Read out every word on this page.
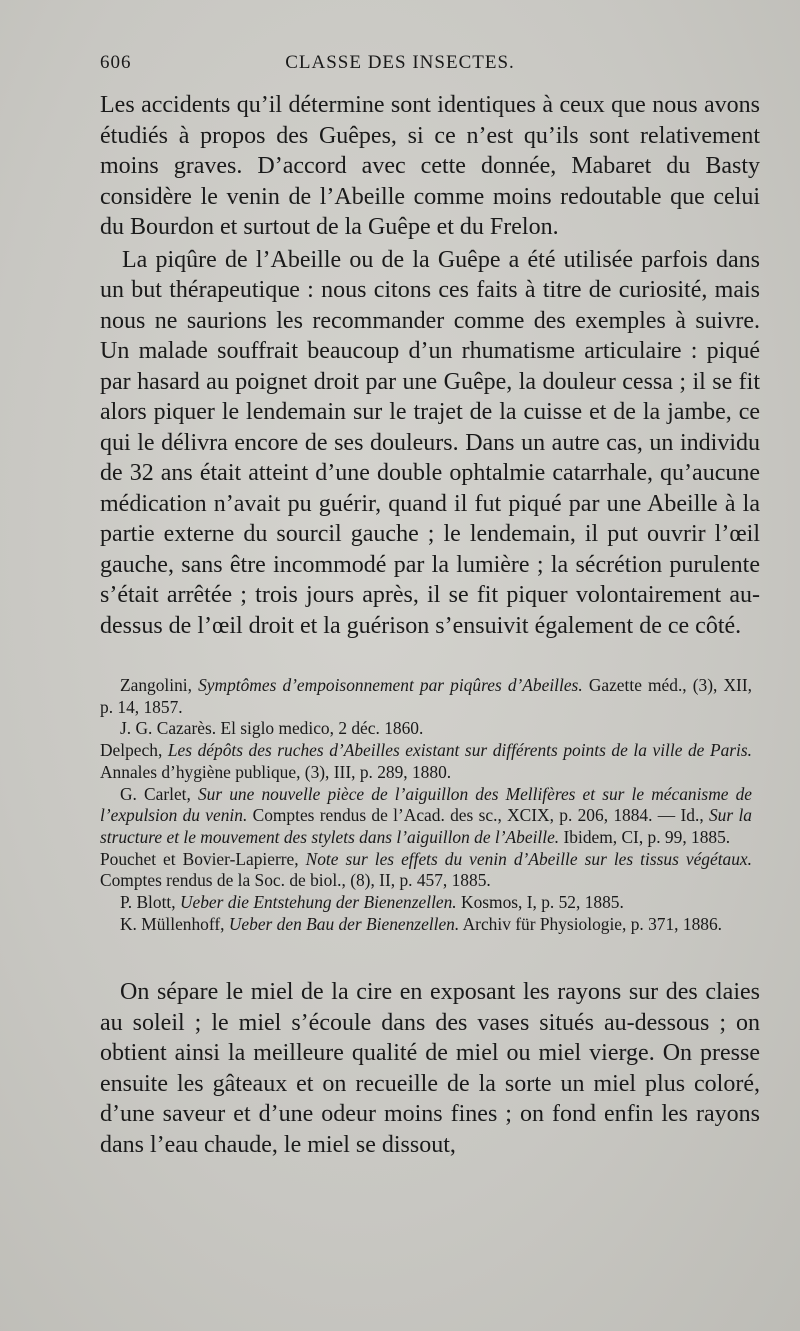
606	CLASSE DES INSECTES.

Les accidents qu’il détermine sont identiques à ceux que nous avons étudiés à propos des Guêpes, si ce n’est qu’ils sont relativement moins graves. D’accord avec cette donnée, Mabaret du Basty considère le venin de l’Abeille comme moins redoutable que celui du Bourdon et surtout de la Guêpe et du Frelon.

La piqûre de l’Abeille ou de la Guêpe a été utilisée parfois dans un but thérapeutique : nous citons ces faits à titre de curiosité, mais nous ne saurions les recommander comme des exemples à suivre. Un malade souffrait beaucoup d’un rhumatisme articulaire : piqué par hasard au poignet droit par une Guêpe, la douleur cessa ; il se fit alors piquer le lendemain sur le trajet de la cuisse et de la jambe, ce qui le délivra encore de ses douleurs. Dans un autre cas, un individu de 32 ans était atteint d’une double ophtalmie catarrhale, qu’aucune médication n’avait pu guérir, quand il fut piqué par une Abeille à la partie externe du sourcil gauche ; le lendemain, il put ouvrir l’œil gauche, sans être incommodé par la lumière ; la sécrétion purulente s’était arrêtée ; trois jours après, il se fit piquer volontairement au-dessus de l’œil droit et la guérison s’ensuivit également de ce côté.

Zangolini, Symptômes d’empoisonnement par piqûres d’Abeilles. Gazette méd., (3), XII, p. 14, 1857.

J. G. Cazarès. El siglo medico, 2 déc. 1860.

Delpech, Les dépôts des ruches d’Abeilles existant sur différents points de la ville de Paris. Annales d’hygiène publique, (3), III, p. 289, 1880.

G. Carlet, Sur une nouvelle pièce de l’aiguillon des Mellifères et sur le mécanisme de l’expulsion du venin. Comptes rendus de l’Acad. des sc., XCIX, p. 206, 1884. — Id., Sur la structure et le mouvement des stylets dans l’aiguillon de l’Abeille. Ibidem, CI, p. 99, 1885.

Pouchet et Bovier-Lapierre, Note sur les effets du venin d’Abeille sur les tissus végétaux. Comptes rendus de la Soc. de biol., (8), II, p. 457, 1885.

P. Blott, Ueber die Entstehung der Bienenzellen. Kosmos, I, p. 52, 1885.

K. Müllenhoff, Ueber den Bau der Bienenzellen. Archiv für Physiologie, p. 371, 1886.

On sépare le miel de la cire en exposant les rayons sur des claies au soleil ; le miel s’écoule dans des vases situés au-dessous ; on obtient ainsi la meilleure qualité de miel ou miel vierge. On presse ensuite les gâteaux et on recueille de la sorte un miel plus coloré, d’une saveur et d’une odeur moins fines ; on fond enfin les rayons dans l’eau chaude, le miel se dissout,
